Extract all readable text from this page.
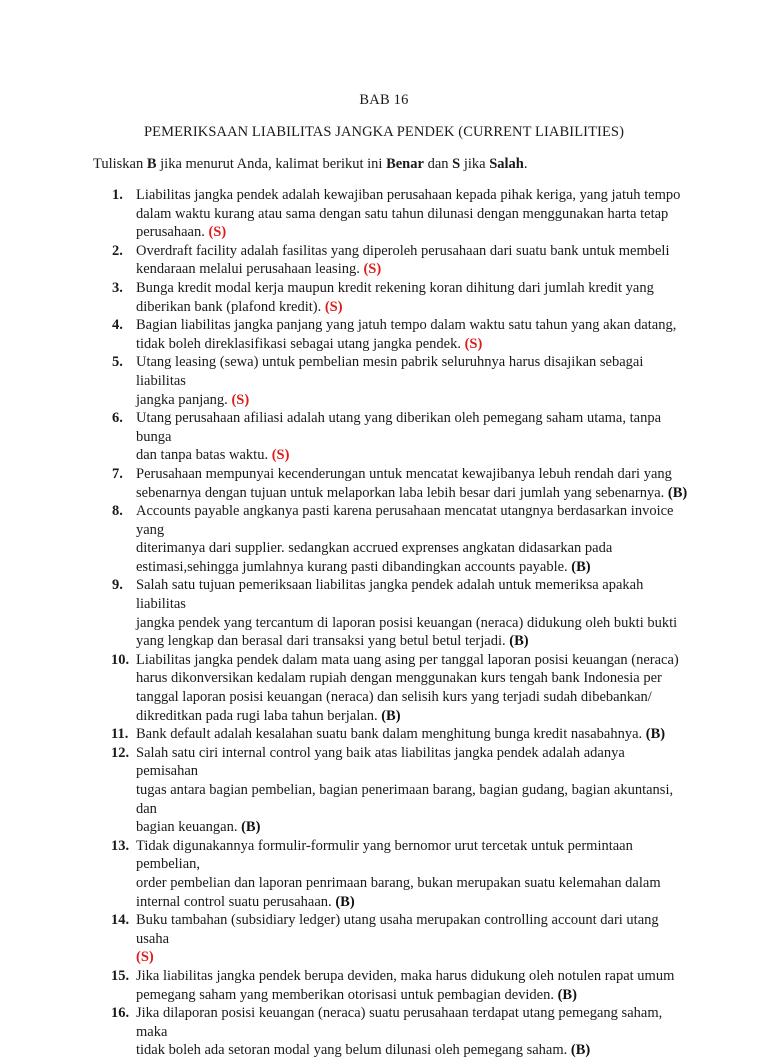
BAB 16
PEMERIKSAAN LIABILITAS JANGKA PENDEK (CURRENT LIABILITIES)
Tuliskan B jika menurut Anda, kalimat berikut ini Benar dan S jika Salah.
1. Liabilitas jangka pendek adalah kewajiban perusahaan kepada pihak keriga, yang jatuh tempo
dalam waktu kurang atau sama dengan satu tahun dilunasi dengan menggunakan harta tetap
perusahaan. (S)
2. Overdraft facility adalah fasilitas yang diperoleh perusahaan dari suatu bank untuk membeli
kendaraan melalui perusahaan leasing. (S)
3. Bunga kredit modal kerja maupun kredit rekening koran dihitung dari jumlah kredit yang
diberikan bank (plafond kredit). (S)
4. Bagian liabilitas jangka panjang yang jatuh tempo dalam waktu satu tahun yang akan datang,
tidak boleh direklasifikasi sebagai utang jangka pendek. (S)
5. Utang leasing (sewa) untuk pembelian mesin pabrik seluruhnya harus disajikan sebagai liabilitas
jangka panjang. (S)
6. Utang perusahaan afiliasi adalah utang yang diberikan oleh pemegang saham utama, tanpa bunga
dan tanpa batas waktu. (S)
7. Perusahaan mempunyai kecenderungan untuk mencatat kewajibanya lebuh rendah dari yang
sebenarnya dengan tujuan untuk melaporkan laba lebih besar dari jumlah yang sebenarnya. (B)
8. Accounts payable angkanya pasti karena perusahaan mencatat utangnya berdasarkan invoice yang
diterimanya dari supplier. sedangkan accrued exprenses angkatan didasarkan pada
estimasi,sehingga jumlahnya kurang pasti dibandingkan accounts payable. (B)
9. Salah satu tujuan pemeriksaan liabilitas jangka pendek adalah untuk memeriksa apakah liabilitas
jangka pendek yang tercantum di laporan posisi keuangan (neraca) didukung oleh bukti bukti
yang lengkap dan berasal dari transaksi yang betul betul terjadi. (B)
10. Liabilitas jangka pendek dalam mata uang asing per tanggal laporan posisi keuangan (neraca)
harus dikonversikan kedalam rupiah dengan menggunakan kurs tengah bank Indonesia per
tanggal laporan posisi keuangan (neraca) dan selisih kurs yang terjadi sudah dibebankan/
dikreditkan pada rugi laba tahun berjalan. (B)
11. Bank default adalah kesalahan suatu bank dalam menghitung bunga kredit nasabahnya. (B)
12. Salah satu ciri internal control yang baik atas liabilitas jangka pendek adalah adanya pemisahan
tugas antara bagian pembelian, bagian penerimaan barang, bagian gudang, bagian akuntansi, dan
bagian keuangan. (B)
13. Tidak digunakannya formulir-formulir yang bernomor urut tercetak untuk permintaan pembelian,
order pembelian dan laporan penrimaan barang, bukan merupakan suatu kelemahan dalam
internal control suatu perusahaan. (B)
14. Buku tambahan (subsidiary ledger) utang usaha merupakan controlling account dari utang usaha
(S)
15. Jika liabilitas jangka pendek berupa deviden, maka harus didukung oleh notulen rapat umum
pemegang saham yang memberikan otorisasi untuk pembagian deviden. (B)
16. Jika dilaporan posisi keuangan (neraca) suatu perusahaan terdapat utang pemegang saham, maka
tidak boleh ada setoran modal yang belum dilunasi oleh pemegang saham. (B)
